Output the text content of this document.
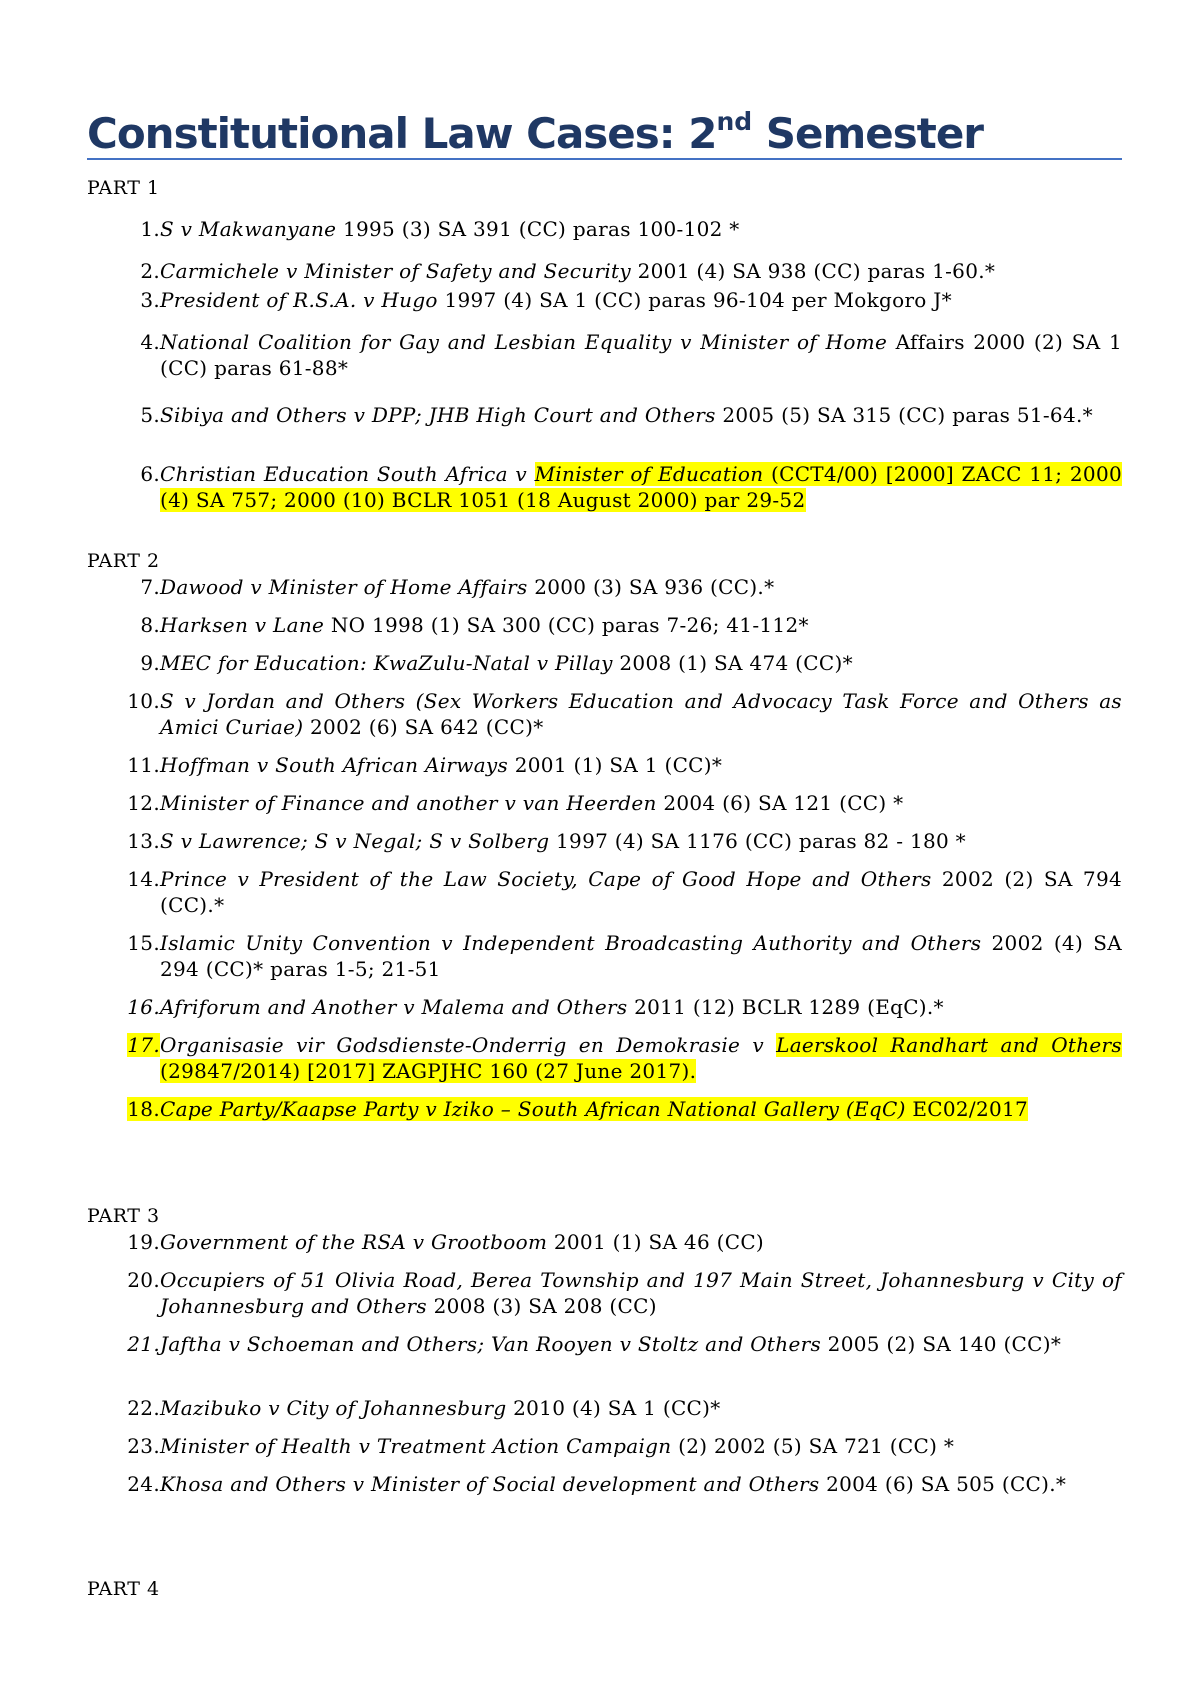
Constitutional Law Cases: 2nd Semester
PART 1
1. S v Makwanyane 1995 (3) SA 391 (CC) paras 100-102 *
2. Carmichele v Minister of Safety and Security 2001 (4) SA 938 (CC) paras 1-60.*
3. President of R.S.A. v Hugo 1997 (4) SA 1 (CC) paras 96-104 per Mokgoro J*
4. National Coalition for Gay and Lesbian Equality v Minister of Home Affairs 2000 (2) SA 1 (CC) paras 61-88*
5. Sibiya and Others v DPP; JHB High Court and Others 2005 (5) SA 315 (CC) paras 51-64.*
6. Christian Education South Africa v Minister of Education (CCT4/00) [2000] ZACC 11; 2000 (4) SA 757; 2000 (10) BCLR 1051 (18 August 2000) par 29-52
PART 2
7. Dawood v Minister of Home Affairs 2000 (3) SA 936 (CC).*
8. Harksen v Lane NO 1998 (1) SA 300 (CC) paras 7-26; 41-112*
9. MEC for Education: KwaZulu-Natal v Pillay 2008 (1) SA 474 (CC)*
10. S v Jordan and Others (Sex Workers Education and Advocacy Task Force and Others as Amici Curiae) 2002 (6) SA 642 (CC)*
11. Hoffman v South African Airways 2001 (1) SA 1 (CC)*
12. Minister of Finance and another v van Heerden 2004 (6) SA 121 (CC) *
13. S v Lawrence; S v Negal; S v Solberg 1997 (4) SA 1176 (CC) paras 82 - 180 *
14. Prince v President of the Law Society, Cape of Good Hope and Others 2002 (2) SA 794 (CC).*
15. Islamic Unity Convention v Independent Broadcasting Authority and Others 2002 (4) SA 294 (CC)* paras 1-5; 21-51
16. Afriforum and Another v Malema and Others 2011 (12) BCLR 1289 (EqC).*
17. Organisasie vir Godsdienste-Onderrig en Demokrasie v Laerskool Randhart and Others (29847/2014) [2017] ZAGPJHC 160 (27 June 2017).
18. Cape Party/Kaapse Party v Iziko – South African National Gallery (EqC) EC02/2017
PART 3
19. Government of the RSA v Grootboom 2001 (1) SA 46 (CC)
20. Occupiers of 51 Olivia Road, Berea Township and 197 Main Street, Johannesburg v City of Johannesburg and Others 2008 (3) SA 208 (CC)
21. Jaftha v Schoeman and Others; Van Rooyen v Stoltz and Others 2005 (2) SA 140 (CC)*
22. Mazibuko v City of Johannesburg 2010 (4) SA 1 (CC)*
23. Minister of Health v Treatment Action Campaign (2) 2002 (5) SA 721 (CC) *
24. Khosa and Others v Minister of Social development and Others 2004 (6) SA 505 (CC).*
PART 4
